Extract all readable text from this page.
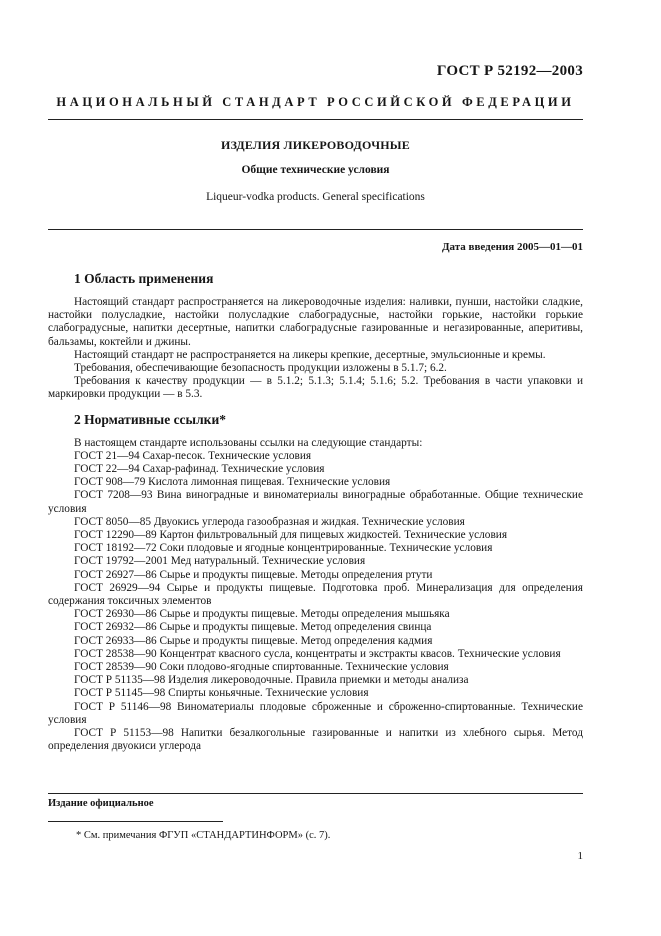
ГОСТ Р 52192—2003
НАЦИОНАЛЬНЫЙ СТАНДАРТ РОССИЙСКОЙ ФЕДЕРАЦИИ
ИЗДЕЛИЯ ЛИКЕРОВОДОЧНЫЕ
Общие технические условия
Liqueur-vodka products. General specifications
Дата введения 2005—01—01
1 Область применения

Настоящий стандарт распространяется на ликероводочные изделия: наливки, пунши, настойки сладкие, настойки полусладкие, настойки полусладкие слабоградусные, настойки горькие, настойки горькие слабоградусные, напитки десертные, напитки слабоградусные газированные и негазированные, аперитивы, бальзамы, коктейли и джины.

Настоящий стандарт не распространяется на ликеры крепкие, десертные, эмульсионные и кремы.

Требования, обеспечивающие безопасность продукции изложены в 5.1.7; 6.2.

Требования к качеству продукции — в 5.1.2; 5.1.3; 5.1.4; 5.1.6; 5.2. Требования в части упаковки и маркировки продукции — в 5.3.

2 Нормативные ссылки*

В настоящем стандарте использованы ссылки на следующие стандарты:

ГОСТ 21—94 Сахар-песок. Технические условия

ГОСТ 22—94 Сахар-рафинад. Технические условия

ГОСТ 908—79 Кислота лимонная пищевая. Технические условия

ГОСТ 7208—93 Вина виноградные и виноматериалы виноградные обработанные. Общие технические условия

ГОСТ 8050—85 Двуокись углерода газообразная и жидкая. Технические условия

ГОСТ 12290—89 Картон фильтровальный для пищевых жидкостей. Технические условия

ГОСТ 18192—72 Соки плодовые и ягодные концентрированные. Технические условия

ГОСТ 19792—2001 Мед натуральный. Технические условия

ГОСТ 26927—86 Сырье и продукты пищевые. Методы определения ртути

ГОСТ 26929—94 Сырье и продукты пищевые. Подготовка проб. Минерализация для определения содержания токсичных элементов

ГОСТ 26930—86 Сырье и продукты пищевые. Методы определения мышьяка

ГОСТ 26932—86 Сырье и продукты пищевые. Метод определения свинца

ГОСТ 26933—86 Сырье и продукты пищевые. Метод определения кадмия

ГОСТ 28538—90 Концентрат квасного сусла, концентраты и экстракты квасов. Технические условия

ГОСТ 28539—90 Соки плодово-ягодные спиртованные. Технические условия

ГОСТ Р 51135—98 Изделия ликероводочные. Правила приемки и методы анализа

ГОСТ Р 51145—98 Спирты коньячные. Технические условия

ГОСТ Р 51146—98 Виноматериалы плодовые сброженные и сброженно-спиртованные. Технические условия

ГОСТ Р 51153—98 Напитки безалкогольные газированные и напитки из хлебного сырья. Метод определения двуокиси углерода

Издание официальное
* См. примечания ФГУП «СТАНДАРТИНФОРМ» (с. 7).
1
